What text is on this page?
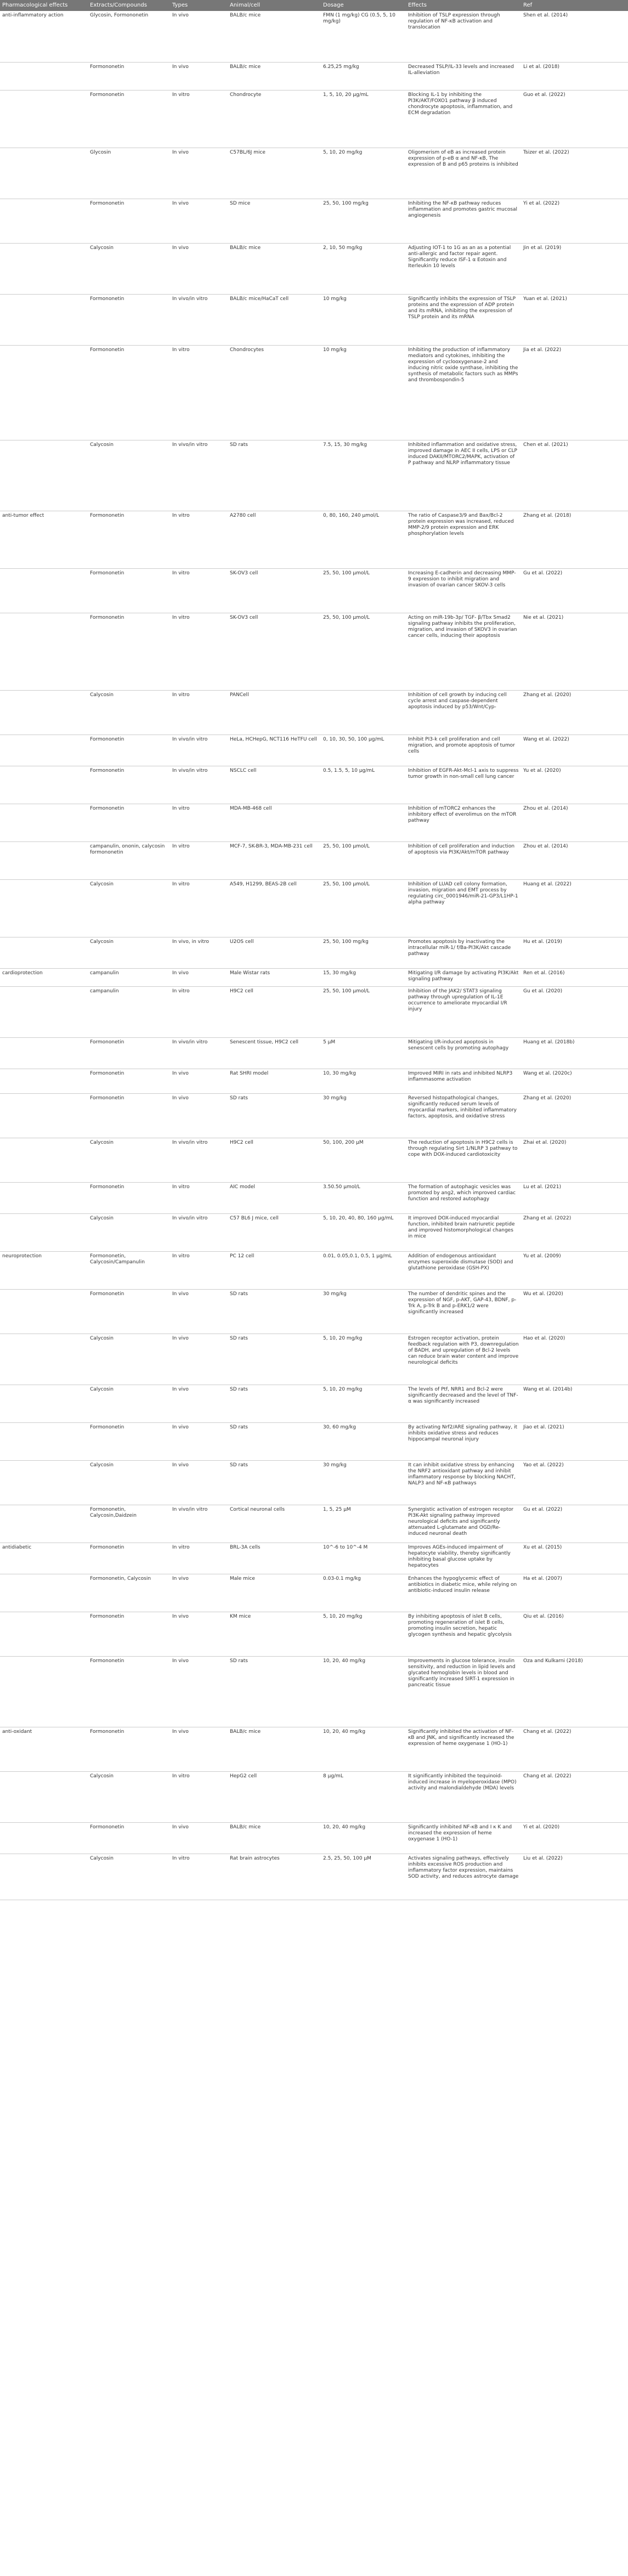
Pharmacological effects	Extracts/Compounds	Types	Animal/cell	Dosage	Effects	Ref
anti-inflammatory action	Glycosin, Formononetin	In vivo	BALB/c mice	FMN (1 mg/kg) CG (0.5, 5, 10 mg/kg)	Inhibition of TSLP expression through regulation of NF-κB activation and translocation	Shen et al. (2014)
	Formononetin	In vivo	BALB/c mice	6.25,25 mg/kg	Decreased TSLP/IL-33 levels and increased IL-alleviation	Li et al. (2018)
	Formononetin	In vitro	Chondrocyte	1, 5, 10, 20 μg/mL	Blocking IL-1 by inhibiting the PI3K/AKT/FOXO1 pathway β induced chondrocyte apoptosis, inflammation, and ECM degradation	Guo et al. (2022)
	Glycosin	In vivo	C57BL/6J mice	5, 10, 20 mg/kg	Oligomerism of eB as increased protein expression of p-eB α and NF-κB, The expression of B and p65 proteins is inhibited	Tsizer et al. (2022)
	Formononetin	In vivo	SD mice	25, 50, 100 mg/kg	Inhibiting the NF-κB pathway reduces inflammation and promotes gastric mucosal angiogenesis	Yi et al. (2022)
	Calycosin	In vivo	BALB/c mice	2, 10, 50 mg/kg	Adjusting IOT-1 to 1G as an as a potential anti-allergic and factor repair agent. Significantly reduce ISF-1 α Eotoxin and Iterleukin 10 levels	Jin et al. (2019)
	Formononetin	In vivo/in vitro	BALB/c mice/HaCaT cell	10 mg/kg	Significantly inhibits the expression of TSLP proteins and the expression of ADP protein and its mRNA, inhibiting the expression of TSLP protein and its mRNA	Yuan et al. (2021)
	Formononetin	In vitro	Chondrocytes	10 mg/kg	Inhibiting the production of inflammatory mediators and cytokines, inhibiting the expression of cyclooxygenase-2 and inducing nitric oxide synthase, inhibiting the synthesis of metabolic factors such as MMPs and thrombospondin-5	Jia et al. (2022)
	Calycosin	In vivo/in vitro	SD rats	7.5, 15, 30 mg/kg	Inhibited inflammation and oxidative stress, improved damage in AEC II cells, LPS or CLP induced DAKII/MTORC2/MAPK, activation of P pathway and NLRP inflammatory tissue	Chen et al. (2021)
anti-tumor effect	Formononetin	In vitro	A2780 cell	0, 80, 160, 240 μmol/L	The ratio of Caspase3/9 and Bax/Bcl-2 protein expression was increased, reduced MMP-2/9 protein expression and ERK phosphorylation levels	Zhang et al. (2018)
	Formononetin	In vitro	SK-OV3 cell	25, 50, 100 μmol/L	Increasing E-cadherin and decreasing MMP-9 expression to inhibit migration and invasion of ovarian cancer SKOV-3 cells	Gu et al. (2022)
	Formononetin	In vitro	SK-OV3 cell	25, 50, 100 μmol/L	Acting on miR-19b-3p/ TGF- β/Tbx Smad2 signaling pathway inhibits the proliferation, migration, and invasion of SKOV3 in ovarian cancer cells, inducing their apoptosis	Nie et al. (2021)
	Calycosin	In vitro	PANCell		Inhibition of cell growth by inducing cell cycle arrest and caspase-dependent apoptosis induced by p53/Wnt/Cyp-	Zhang et al. (2020)
	Formononetin	In vivo/in vitro	HeLa, HCHepG, NCT116 HeTFU cell	0, 10, 30, 50, 100 μg/mL	Inhibit PI3-k cell proliferation and cell migration, and promote apoptosis of tumor cells	Wang et al. (2022)
	Formononetin	In vivo/in vitro	NSCLC cell	0.5, 1.5, 5, 10 μg/mL	Inhibition of EGFR-Akt-Mcl-1 axis to suppress tumor growth in non-small cell lung cancer	Yu et al. (2020)
	Formononetin	In vitro	MDA-MB-468 cell		Inhibition of mTORC2 enhances the inhibitory effect of everolimus on the mTOR pathway	Zhou et al. (2014)
	campanulin, ononin, calycosin formononetin	In vitro	MCF-7, SK-BR-3, MDA-MB-231 cell	25, 50, 100 μmol/L	Inhibition of cell proliferation and induction of apoptosis via PI3K/Akt/mTOR pathway	Zhou et al. (2014)
	Calycosin	In vitro	A549, H1299, BEAS-2B cell	25, 50, 100 μmol/L	Inhibition of LUAD cell colony formation, invasion, migration and EMT process by regulating circ_0001946/miR-21-GP3/L1HP-1 alpha pathway	Huang et al. (2022)
	Calycosin	In vivo, in vitro	U2OS cell	25, 50, 100 mg/kg	Promotes apoptosis by inactivating the intracellular miR-1/ f/Ba-PI3K/Akt cascade pathway	Hu et al. (2019)
cardioprotection	campanulin	In vivo	Male Wistar rats	15, 30 mg/kg	Mitigating I/R damage by activating PI3K/Akt signaling pathway	Ren et al. (2016)
	campanulin	In vitro	H9C2 cell	25, 50, 100 μmol/L	Inhibition of the JAK2/ STAT3 signaling pathway through upregulation of IL-1E occurrence to ameliorate myocardial I/R injury	Gu et al. (2020)
	Formononetin	In vivo/in vitro	Senescent tissue, H9C2 cell	5 μM	Mitigating I/R-induced apoptosis in senescent cells by promoting autophagy	Huang et al. (2018b)
	Formononetin	In vivo	Rat SHRI model	10, 30 mg/kg	Improved MIRI in rats and inhibited NLRP3 inflammasome activation	Wang et al. (2020c)
	Formononetin	In vivo	SD rats	30 mg/kg	Reversed histopathological changes, significantly reduced serum levels of myocardial markers, inhibited inflammatory factors, apoptosis, and oxidative stress	Zhang et al. (2020)
	Calycosin	In vivo/in vitro	H9C2 cell	50, 100, 200 μM	The reduction of apoptosis in H9C2 cells is through regulating Sirt 1/NLRP 3 pathway to cope with DOX-induced cardiotoxicity	Zhai et al. (2020)
	Formononetin	In vitro	AIC model	3.50.50 μmol/L	The formation of autophagic vesicles was promoted by ang2, which improved cardiac function and restored autophagy	Lu et al. (2021)
	Calycosin	In vivo/in vitro	C57 BL6 J mice, cell	5, 10, 20, 40, 80, 160 μg/mL	It improved DOX-induced myocardial function, inhibited brain natriuretic peptide and improved histomorphological changes in mice	Zhang et al. (2022)
neuroprotection	Formononetin, Calycosin/Campanulin	In vitro	PC 12 cell	0.01, 0.05,0.1, 0.5, 1 μg/mL	Addition of endogenous antioxidant enzymes superoxide dismutase (SOD) and glutathione peroxidase (GSH-PX)	Yu et al. (2009)
	Formononetin	In vivo	SD rats	30 mg/kg	The number of dendritic spines and the expression of NGF, p-AKT, GAP-43, BDNF, p-Trk A, p-Trk B and p-ERK1/2 were significantly increased	Wu et al. (2020)
	Calycosin	In vivo	SD rats	5, 10, 20 mg/kg	Estrogen receptor activation, protein feedback regulation with P3, downregulation of BADH, and upregulation of Bcl-2 levels can reduce brain water content and improve neurological deficits	Hao et al. (2020)
	Calycosin	In vivo	SD rats	5, 10, 20 mg/kg	The levels of Ptf, NRR1 and Bcl-2 were significantly decreased and the level of TNF-α was significantly increased	Wang et al. (2014b)
	Formononetin	In vivo	SD rats	30, 60 mg/kg	By activating Nrf2/ARE signaling pathway, it inhibits oxidative stress and reduces hippocampal neuronal injury	Jiao et al. (2021)
	Calycosin	In vivo	SD rats	30 mg/kg	It can inhibit oxidative stress by enhancing the NRF2 antioxidant pathway and inhibit inflammatory response by blocking NACHT, NALP3 and NF-κB pathways	Yao et al. (2022)
	Formononetin, Calycosin,Daidzein	In vivo/in vitro	Cortical neuronal cells	1, 5, 25 μM	Synergistic activation of estrogen receptor PI3K-Akt signaling pathway improved neurological deficits and significantly attenuated L-glutamate and OGD/Re-induced neuronal death	Gu et al. (2022)
antidiabetic	Formononetin	In vitro	BRL-3A cells	10^-6 to 10^-4 M	Improves AGEs-induced impairment of hepatocyte viability, thereby significantly inhibiting basal glucose uptake by hepatocytes	Xu et al. (2015)
	Formononetin, Calycosin	In vivo	Male mice	0.03-0.1 mg/kg	Enhances the hypoglycemic effect of antibiotics in diabetic mice, while relying on antibiotic-induced insulin release	Ha et al. (2007)
	Formononetin	In vivo	KM mice	5, 10, 20 mg/kg	By inhibiting apoptosis of islet B cells, promoting regeneration of islet B cells, promoting insulin secretion, hepatic glycogen synthesis and hepatic glycolysis	Qiu et al. (2016)
	Formononetin	In vivo	SD rats	10, 20, 40 mg/kg	Improvements in glucose tolerance, insulin sensitivity, and reduction in lipid levels and glycated hemoglobin levels in blood and significantly increased SIRT-1 expression in pancreatic tissue	Oza and Kulkarni (2018)
anti-oxidant	Formononetin	In vivo	BALB/c mice	10, 20, 40 mg/kg	Significantly inhibited the activation of NF-κB and JNK, and significantly increased the expression of heme oxygenase 1 (HO-1)	Chang et al. (2022)
	Calycosin	In vitro	HepG2 cell	8 μg/mL	It significantly inhibited the tequinoid-induced increase in myeloperoxidase (MPO) activity and malondialdehyde (MDA) levels	Chang et al. (2022)
	Formononetin	In vivo	BALB/c mice	10, 20, 40 mg/kg	Significantly inhibited NF-κB and I κ K and increased the expression of heme oxygenase 1 (HO-1)	Yi et al. (2020)
	Calycosin	In vitro	Rat brain astrocytes	2.5, 25, 50, 100 μM	Activates signaling pathways, effectively inhibits excessive ROS production and inflammatory factor expression, maintains SOD activity, and reduces astrocyte damage	Liu et al. (2022)
